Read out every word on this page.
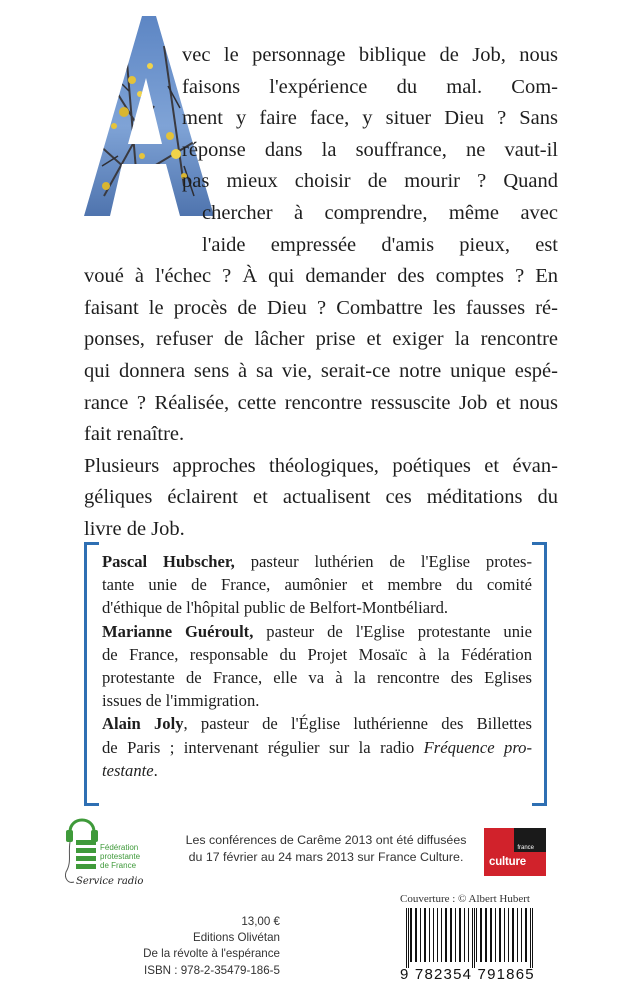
vec le personnage biblique de Job, nous
faisons l'expérience du mal. Com-
ment y faire face, y situer Dieu ? Sans
réponse dans la souffrance, ne vaut-il
pas mieux choisir de mourir ? Quand
chercher à comprendre, même avec
l'aide empressée d'amis pieux, est
voué à l'échec ? À qui demander des comptes ? En
faisant le procès de Dieu ? Combattre les fausses ré-
ponses, refuser de lâcher prise et exiger la rencontre
qui donnera sens à sa vie, serait-ce notre unique espé-
rance ? Réalisée, cette rencontre ressuscite Job et nous
fait renaître.
Plusieurs approches théologiques, poétiques et évan-
géliques éclairent et actualisent ces méditations du
livre de Job.

Pascal Hubscher, pasteur luthérien de l'Eglise protes-
tante unie de France, aumônier et membre du comité
d'éthique de l'hôpital public de Belfort-Montbéliard.

Marianne Guéroult, pasteur de l'Eglise protestante unie
de France, responsable du Projet Mosaïc à la Fédération
protestante de France, elle va à la rencontre des Eglises
issues de l'immigration.

Alain Joly, pasteur de l'Église luthérienne des Billettes
de Paris ; intervenant régulier sur la radio Fréquence pro-
testante.

Fédération
protestante
de France
Service radio
Les conférences de Carême 2013 ont été diffusées
du 17 février au 24 mars 2013 sur France Culture.
france
culture
Couverture : © Albert Hubert
13,00 €
Editions Olivétan
De la révolte à l'espérance
ISBN : 978-2-35479-186-5	9 782354 791865
